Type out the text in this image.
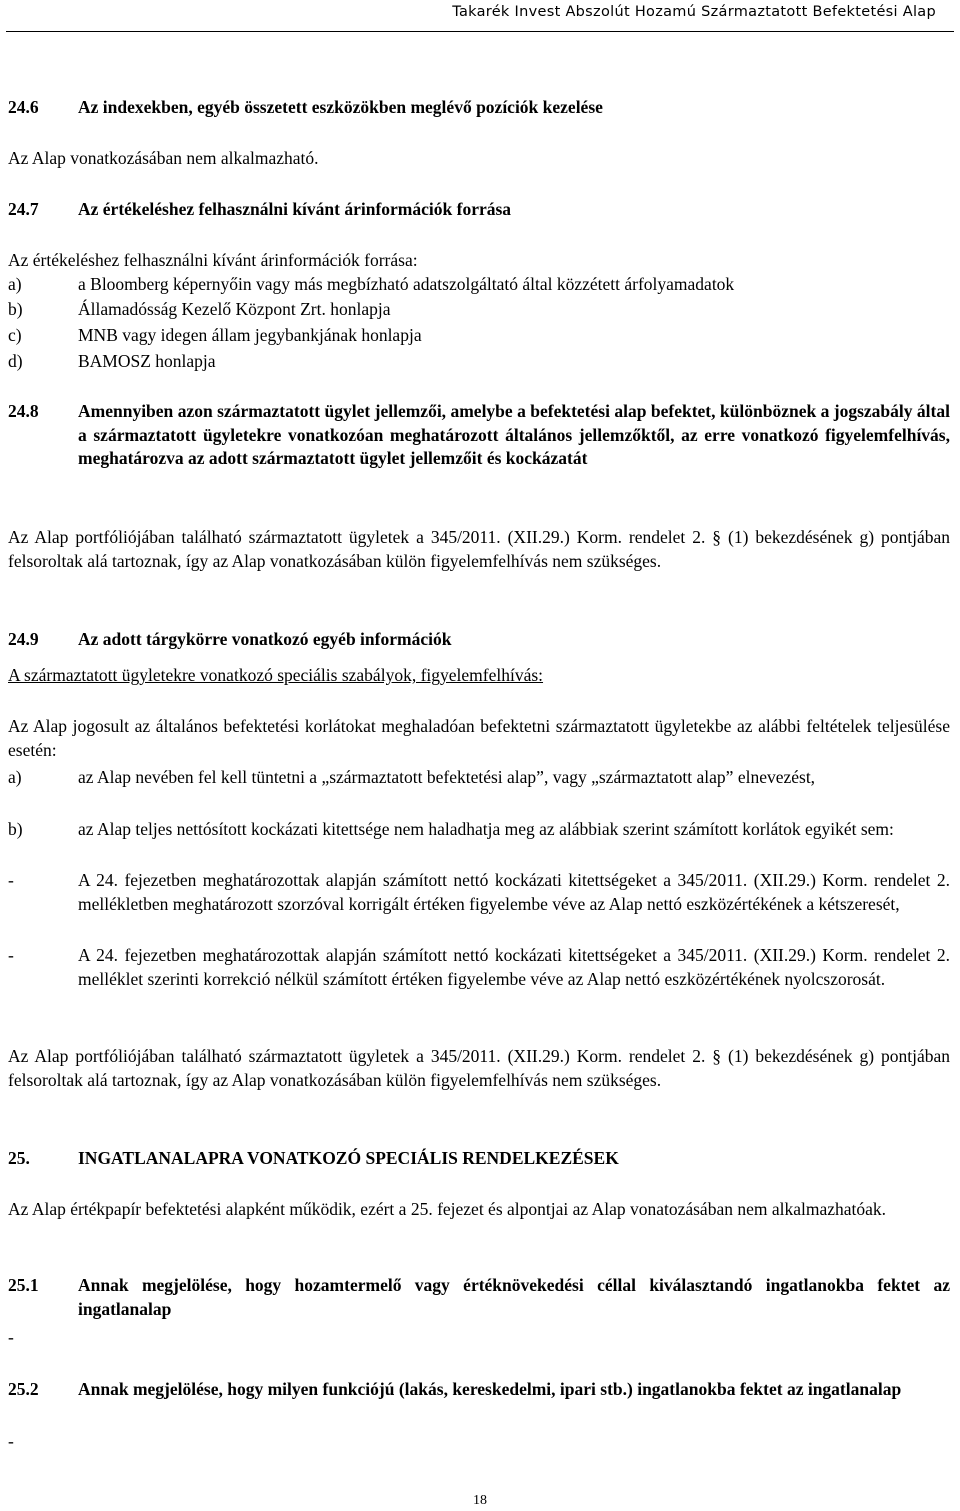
Takarék Invest Abszolút Hozamú Származtatott Befektetési Alap
24.6 Az indexekben, egyéb összetett eszközökben meglévő pozíciók kezelése
Az Alap vonatkozásában nem alkalmazható.
24.7 Az értékeléshez felhasználni kívánt árinformációk forrása
Az értékeléshez felhasználni kívánt árinformációk forrása:
a)	a Bloomberg képernyőin vagy más megbízható adatszolgáltató által közzétett árfolyamadatok
b)	Államadósság Kezelő Központ Zrt. honlapja
c)	MNB vagy idegen állam jegybankjának honlapja
d)	BAMOSZ honlapja
24.8 Amennyiben azon származtatott ügylet jellemzői, amelybe a befektetési alap befektet, különböznek a jogszabály által a származtatott ügyletekre vonatkozóan meghatározott általános jellemzőktől, az erre vonatkozó figyelemfelhívás, meghatározva az adott származtatott ügylet jellemzőit és kockázatát
Az Alap portfóliójában található származtatott ügyletek a 345/2011. (XII.29.) Korm. rendelet 2. § (1) bekezdésének g) pontjában felsoroltak alá tartoznak, így az Alap vonatkozásában külön figyelemfelhívás nem szükséges.
24.9 Az adott tárgykörre vonatkozó egyéb információk
A származtatott ügyletekre vonatkozó speciális szabályok, figyelemfelhívás:
Az Alap jogosult az általános befektetési korlátokat meghaladóan befektetni származtatott ügyletekbe az alábbi feltételek teljesülése esetén:
a)	az Alap nevében fel kell tüntetni a „származtatott befektetési alap”, vagy „származtatott alap” elnevezést,
b)	az Alap teljes nettósított kockázati kitettsége nem haladhatja meg az alábbiak szerint számított korlátok egyikét sem:
-	A 24. fejezetben meghatározottak alapján számított nettó kockázati kitettségeket a 345/2011. (XII.29.) Korm. rendelet 2. mellékletben meghatározott szorzóval korrigált értéken figyelembe véve az Alap nettó eszközértékének a kétszeresét,
-	A 24. fejezetben meghatározottak alapján számított nettó kockázati kitettségeket a 345/2011. (XII.29.) Korm. rendelet 2. melléklet szerinti korrekció nélkül számított értéken figyelembe véve az Alap nettó eszközértékének nyolcszorosát.
Az Alap portfóliójában található származtatott ügyletek a 345/2011. (XII.29.) Korm. rendelet 2. § (1) bekezdésének g) pontjában felsoroltak alá tartoznak, így az Alap vonatkozásában külön figyelemfelhívás nem szükséges.
25.	INGATLANALAPRA VONATKOZÓ SPECIÁLIS RENDELKEZÉSEK
Az Alap értékpapír befektetési alapként működik, ezért a 25. fejezet és alpontjai az Alap vonatozásában nem alkalmazhatóak.
25.1 Annak megjelölése, hogy hozamtermelő vagy értéknövekedési céllal kiválasztandó ingatlanokba fektet az ingatlanalap
-
25.2 Annak megjelölése, hogy milyen funkciójú (lakás, kereskedelmi, ipari stb.) ingatlanokba fektet az ingatlanalap
-
18
